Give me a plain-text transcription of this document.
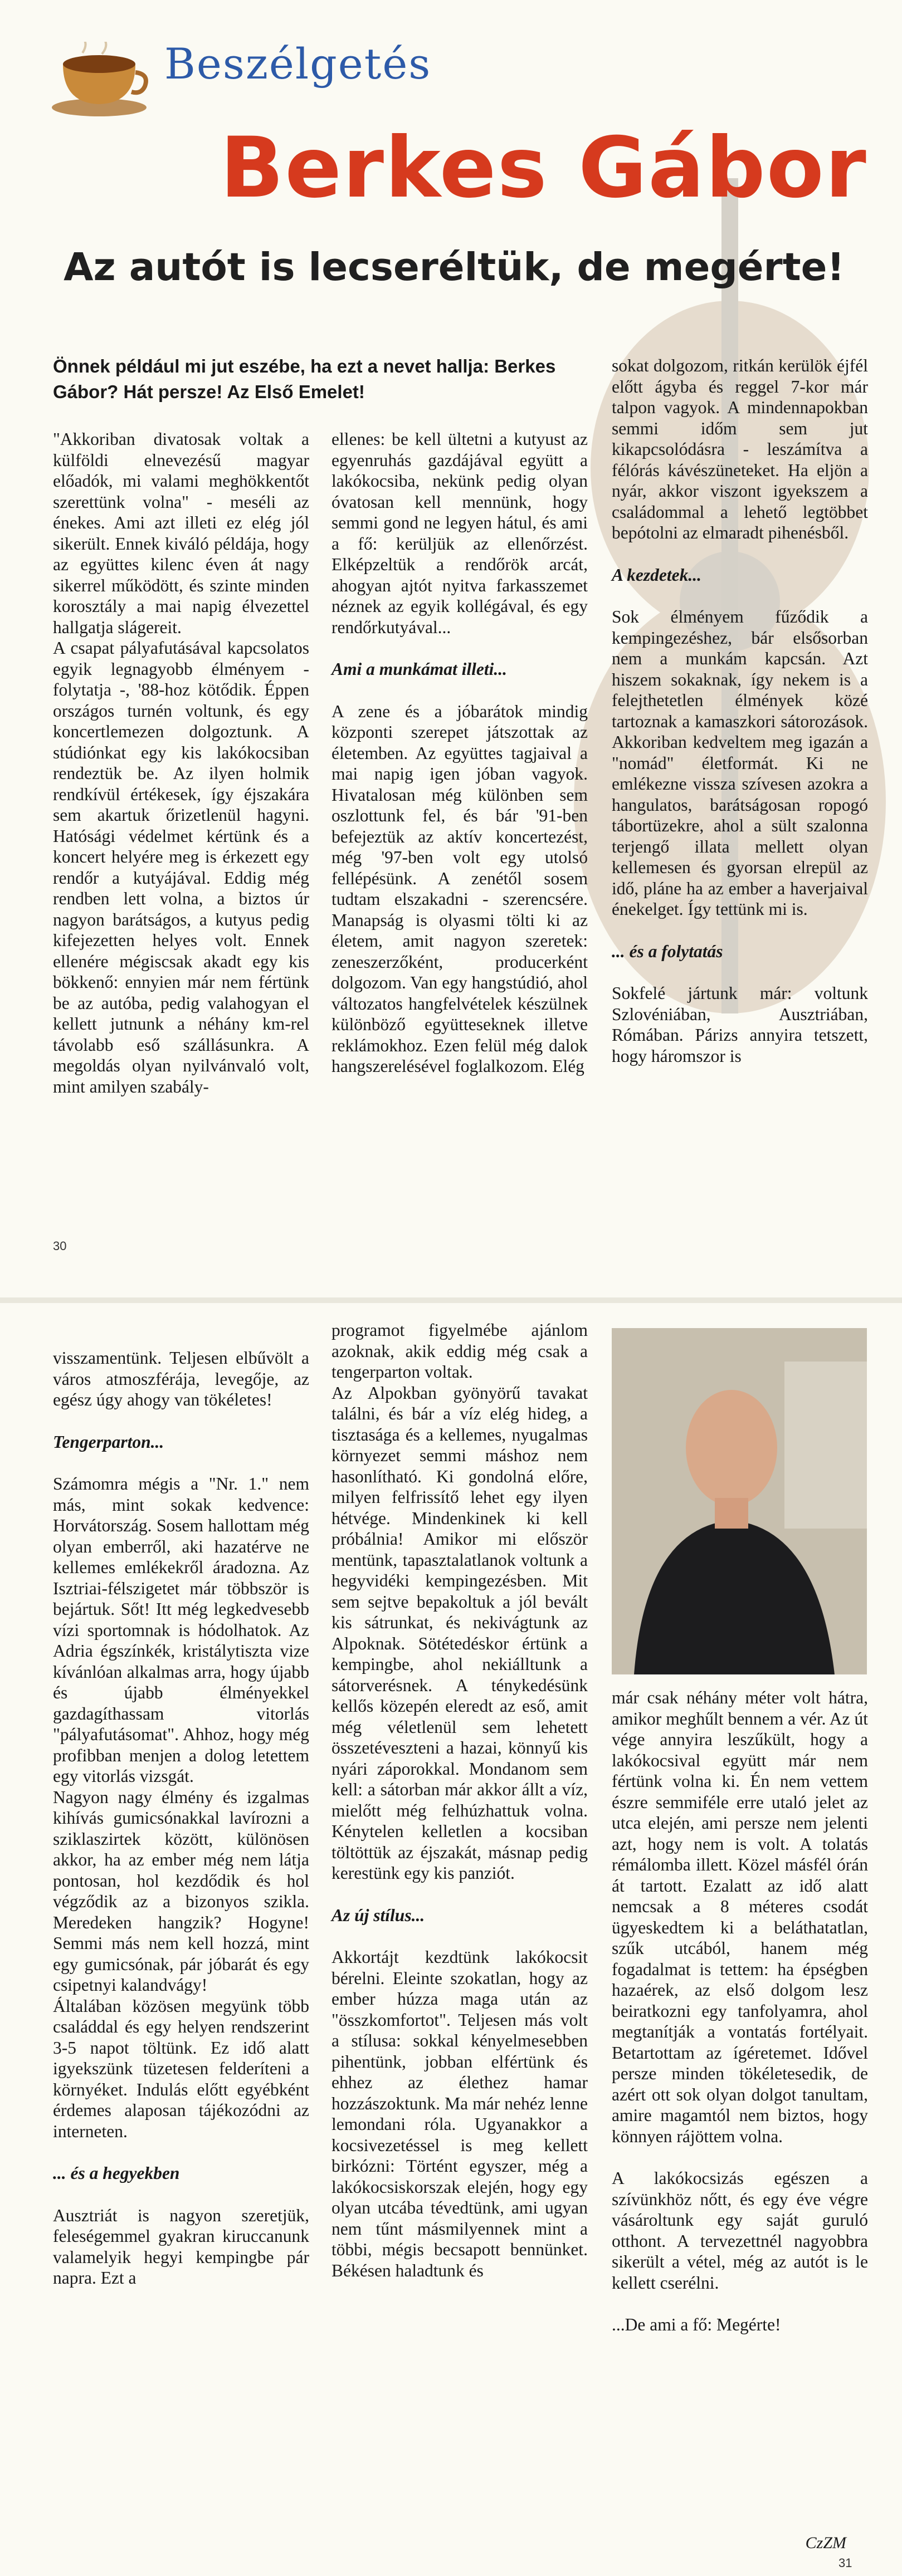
Beszélgetés
Berkes Gábor
Az autót is lecseréltük, de megérte!
Önnek például mi jut eszébe, ha ezt a nevet hallja: Berkes Gábor? Hát persze! Az Első Emelet!

"Akkoriban divatosak voltak a külföldi elnevezésű magyar előadók, mi valami meghökkentőt szerettünk volna" - meséli az énekes. Ami azt illeti ez elég jól sikerült. Ennek kiváló példája, hogy az együttes kilenc éven át nagy sikerrel működött, és szinte minden korosztály a mai napig élvezettel hallgatja slágereit.

A csapat pályafutásával kapcsolatos egyik legnagyobb élményem - folytatja -, '88-hoz kötődik. Éppen országos turnén voltunk, és egy koncertlemezen dolgoztunk. A stúdiónkat egy kis lakókocsiban rendeztük be. Az ilyen holmik rendkívül értékesek, így éjszakára sem akartuk őrizetlenül hagyni. Hatósági védelmet kértünk és a koncert helyére meg is érkezett egy rendőr a kutyájával. Eddig még rendben lett volna, a biztos úr nagyon barátságos, a kutyus pedig kifejezetten helyes volt. Ennek ellenére mégiscsak akadt egy kis bökkenő: ennyien már nem fértünk be az autóba, pedig valahogyan el kellett jutnunk a néhány km-rel távolabb eső szállásunkra. A megoldás olyan nyilvánvaló volt, mint amilyen szabály-

ellenes: be kell ültetni a kutyust az egyenruhás gazdájával együtt a lakókocsiba, nekünk pedig olyan óvatosan kell mennünk, hogy semmi gond ne legyen hátul, és ami a fő: kerüljük az ellenőrzést. Elképzeltük a rendőrök arcát, ahogyan ajtót nyitva farkasszemet néznek az egyik kollégával, és egy rendőrkutyával...

Ami a munkámat illeti...

A zene és a jóbarátok mindig központi szerepet játszottak az életemben. Az együttes tagjaival a mai napig igen jóban vagyok. Hivatalosan még különben sem oszlottunk fel, és bár '91-ben befejeztük az aktív koncertezést, még '97-ben volt egy utolsó fellépésünk. A zenétől sosem tudtam elszakadni - szerencsére. Manapság is olyasmi tölti ki az életem, amit nagyon szeretek: zeneszerzőként, producerként dolgozom. Van egy hangstúdió, ahol változatos hangfelvételek készülnek különböző együtteseknek illetve reklámokhoz. Ezen felül még dalok hangszerelésével foglalkozom. Elég

sokat dolgozom, ritkán kerülök éjfél előtt ágyba és reggel 7-kor már talpon vagyok. A mindennapokban semmi időm sem jut kikapcsolódásra - leszámítva a félórás kávészüneteket. Ha eljön a nyár, akkor viszont igyekszem a családommal a lehető legtöbbet bepótolni az elmaradt pihenésből.

A kezdetek...

Sok élményem fűződik a kempingezéshez, bár elsősorban nem a munkám kapcsán. Azt hiszem sokaknak, így nekem is a felejthetetlen élmények közé tartoznak a kamaszkori sátorozások. Akkoriban kedveltem meg igazán a "nomád" életformát. Ki ne emlékezne vissza szívesen azokra a hangulatos, barátságosan ropogó tábortüzekre, ahol a sült szalonna terjengő illata mellett olyan kellemesen és gyorsan elrepül az idő, pláne ha az ember a haverjaival énekelget. Így tettünk mi is.

... és a folytatás

Sokfelé jártunk már: voltunk Szlovéniában, Ausztriában, Rómában. Párizs annyira tetszett, hogy háromszor is

30

visszamentünk. Teljesen elbűvölt a város atmoszférája, levegője, az egész úgy ahogy van tökéletes!

Tengerparton...

Számomra mégis a "Nr. 1." nem más, mint sokak kedvence: Horvátország. Sosem hallottam még olyan emberről, aki hazatérve ne kellemes emlékekről áradozna. Az Isztriai-félszigetet már többször is bejártuk. Sőt! Itt még legkedvesebb vízi sportomnak is hódolhatok. Az Adria égszínkék, kristálytiszta vize kívánlóan alkalmas arra, hogy újabb és újabb élményekkel gazdagíthassam vitorlás "pályafutásomat". Ahhoz, hogy még profibban menjen a dolog letettem egy vitorlás vizsgát.

Nagyon nagy élmény és izgalmas kihívás gumicsónakkal lavírozni a sziklaszirtek között, különösen akkor, ha az ember még nem látja pontosan, hol kezdődik és hol végződik az a bizonyos szikla. Meredeken hangzik? Hogyne! Semmi más nem kell hozzá, mint egy gumicsónak, pár jóbarát és egy csipetnyi kalandvágy!

Általában közösen megyünk több családdal és egy helyen rendszerint 3-5 napot töltünk. Ez idő alatt igyekszünk tüzetesen felderíteni a környéket. Indulás előtt egyébként érdemes alaposan tájékozódni az interneten.

... és a hegyekben

Ausztriát is nagyon szeretjük, feleségemmel gyakran kiruccanunk valamelyik hegyi kempingbe pár napra. Ezt a

programot figyelmébe ajánlom azoknak, akik eddig még csak a tengerparton voltak.

Az Alpokban gyönyörű tavakat találni, és bár a víz elég hideg, a tisztasága és a kellemes, nyugalmas környezet semmi máshoz nem hasonlítható. Ki gondolná előre, milyen felfrissítő lehet egy ilyen hétvége. Mindenkinek ki kell próbálnia! Amikor mi először mentünk, tapasztalatlanok voltunk a hegyvidéki kempingezésben. Mit sem sejtve bepakoltuk a jól bevált kis sátrunkat, és nekivágtunk az Alpoknak. Sötétedéskor értünk a kempingbe, ahol nekiálltunk a sátorverésnek. A ténykedésünk kellős közepén eleredt az eső, amit még véletlenül sem lehetett összetéveszteni a hazai, könnyű kis nyári záporokkal. Mondanom sem kell: a sátorban már akkor állt a víz, mielőtt még felhúzhattuk volna. Kénytelen kelletlen a kocsiban töltöttük az éjszakát, másnap pedig kerestünk egy kis panziót.

Az új stílus...

Akkortájt kezdtünk lakókocsit bérelni. Eleinte szokatlan, hogy az ember húzza maga után az "összkomfortot". Teljesen más volt a stílusa: sokkal kényelmesebben pihentünk, jobban elfértünk és ehhez az élethez hamar hozzászoktunk. Ma már nehéz lenne lemondani róla. Ugyanakkor a kocsivezetéssel is meg kellett birkózni: Történt egyszer, még a lakókocsiskorszak elején, hogy egy olyan utcába tévedtünk, ami ugyan nem tűnt másmilyennek mint a többi, mégis becsapott bennünket. Békésen haladtunk és

már csak néhány méter volt hátra, amikor meghűlt bennem a vér. Az út vége annyira leszűkült, hogy a lakókocsival együtt már nem fértünk volna ki. Én nem vettem észre semmiféle erre utaló jelet az utca elején, ami persze nem jelenti azt, hogy nem is volt. A tolatás rémálomba illett. Közel másfél órán át tartott. Ezalatt az idő alatt nemcsak a 8 méteres csodát ügyeskedtem ki a beláthatatlan, szűk utcából, hanem még fogadalmat is tettem: ha épségben hazaérek, az első dolgom lesz beiratkozni egy tanfolyamra, ahol megtanítják a vontatás fortélyait. Betartottam az ígéretemet. Idővel persze minden tökéletesedik, de azért ott sok olyan dolgot tanultam, amire magamtól nem biztos, hogy könnyen rájöttem volna.

A lakókocsizás egészen a szívünkhöz nőtt, és egy éve végre vásároltunk egy saját guruló otthont. A tervezettnél nagyobbra sikerült a vétel, még az autót is le kellett cserélni.

...De ami a fő: Megérte!

CzZM
31
